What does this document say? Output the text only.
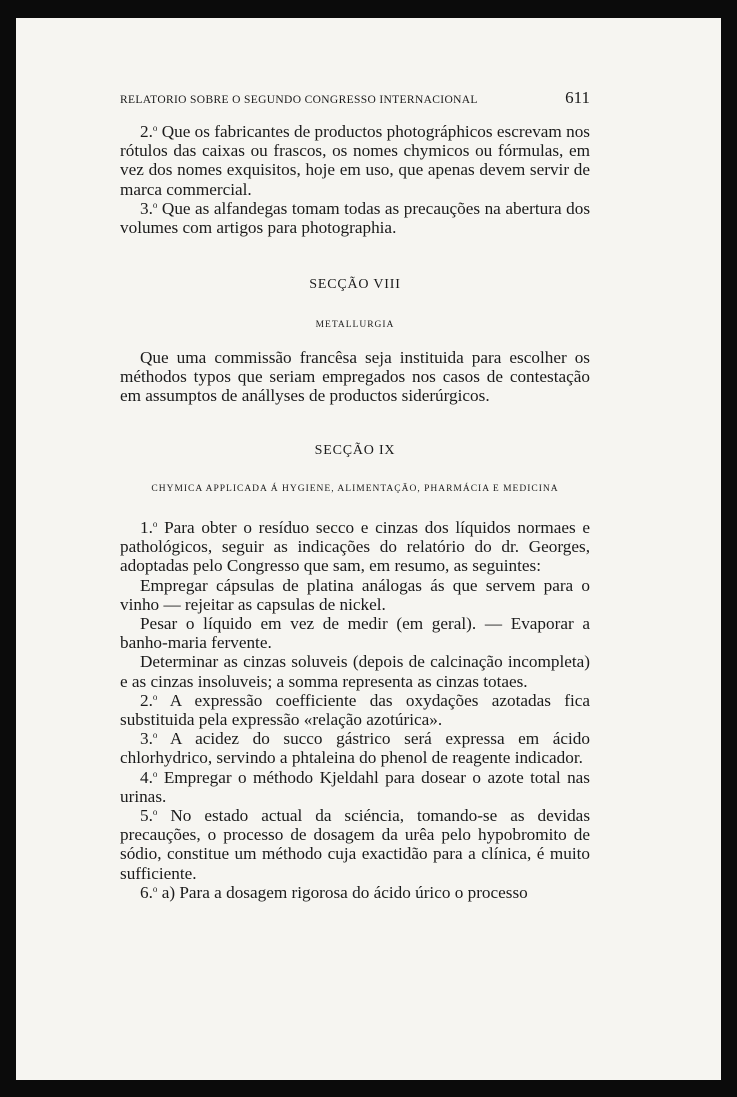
RELATORIO SOBRE O SEGUNDO CONGRESSO INTERNACIONAL	611

2.$^o$ Que os fabricantes de productos photográphicos escrevam nos rótulos das caixas ou frascos, os nomes chymicos ou fórmulas, em vez dos nomes exquisitos, hoje em uso, que apenas devem servir de marca commercial.

3.$^o$ Que as alfandegas tomam todas as precauções na abertura dos volumes com artigos para photographia.

SECÇÃO VIII
METALLURGIA

Que uma commissão francêsa seja instituida para escolher os méthodos typos que seriam empregados nos casos de contestação em assumptos de anállyses de productos siderúrgicos.

SECÇÃO IX
CHYMICA APPLICADA Á HYGIENE, ALIMENTAÇÃO, PHARMÁCIA E MEDICINA

1.$^o$ Para obter o resíduo secco e cinzas dos líquidos normaes e pathológicos, seguir as indicações do relatório do dr. Georges, adoptadas pelo Congresso que sam, em resumo, as seguintes:

Empregar cápsulas de platina análogas ás que servem para o vinho — rejeitar as capsulas de nickel.

Pesar o líquido em vez de medir (em geral). — Evaporar a banho-maria fervente.

Determinar as cinzas soluveis (depois de calcinação incompleta) e as cinzas insoluveis; a somma representa as cinzas totaes.

2.$^o$ A expressão coefficiente das oxydações azotadas fica substituida pela expressão «relação azotúrica».

3.$^o$ A acidez do succo gástrico será expressa em ácido chlorhydrico, servindo a phtaleina do phenol de reagente indicador.

4.$^o$ Empregar o méthodo Kjeldahl para dosear o azote total nas urinas.

5.$^o$ No estado actual da sciéncia, tomando-se as devidas precauções, o processo de dosagem da urêa pelo hypobromito de sódio, constitue um méthodo cuja exactidão para a clínica, é muito sufficiente.

6.$^o$ a) Para a dosagem rigorosa do ácido úrico o processo
